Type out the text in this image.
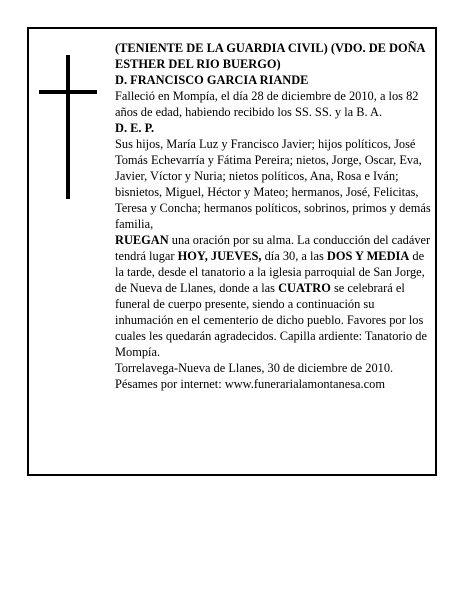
(TENIENTE DE LA GUARDIA CIVIL) (VDO. DE DOÑA ESTHER DEL RIO BUERGO)

D. FRANCISCO GARCIA RIANDE

Falleció en Mompía, el día 28 de diciembre de 2010, a los 82 años de edad, habiendo recibido los SS. SS. y la B. A.

D. E. P.

Sus hijos, María Luz y Francisco Javier; hijos políticos, José Tomás Echevarría y Fátima Pereira; nietos, Jorge, Oscar, Eva, Javier, Víctor y Nuria; nietos políticos, Ana, Rosa e Iván; bisnietos, Miguel, Héctor y Mateo; hermanos, José, Felicitas, Teresa y Concha; hermanos políticos, sobrinos, primos y demás familia,

RUEGAN una oración por su alma. La conducción del cadáver tendrá lugar HOY, JUEVES, día 30, a las DOS Y MEDIA de la tarde, desde el tanatorio a la iglesia parroquial de San Jorge, de Nueva de Llanes, donde a las CUATRO se celebrará el funeral de cuerpo presente, siendo a continuación su inhumación en el cementerio de dicho pueblo. Favores por los cuales les quedarán agradecidos. Capilla ardiente: Tanatorio de Mompía.

Torrelavega-Nueva de Llanes, 30 de diciembre de 2010.

Pésames por internet: www.funerarialamontanesa.com
